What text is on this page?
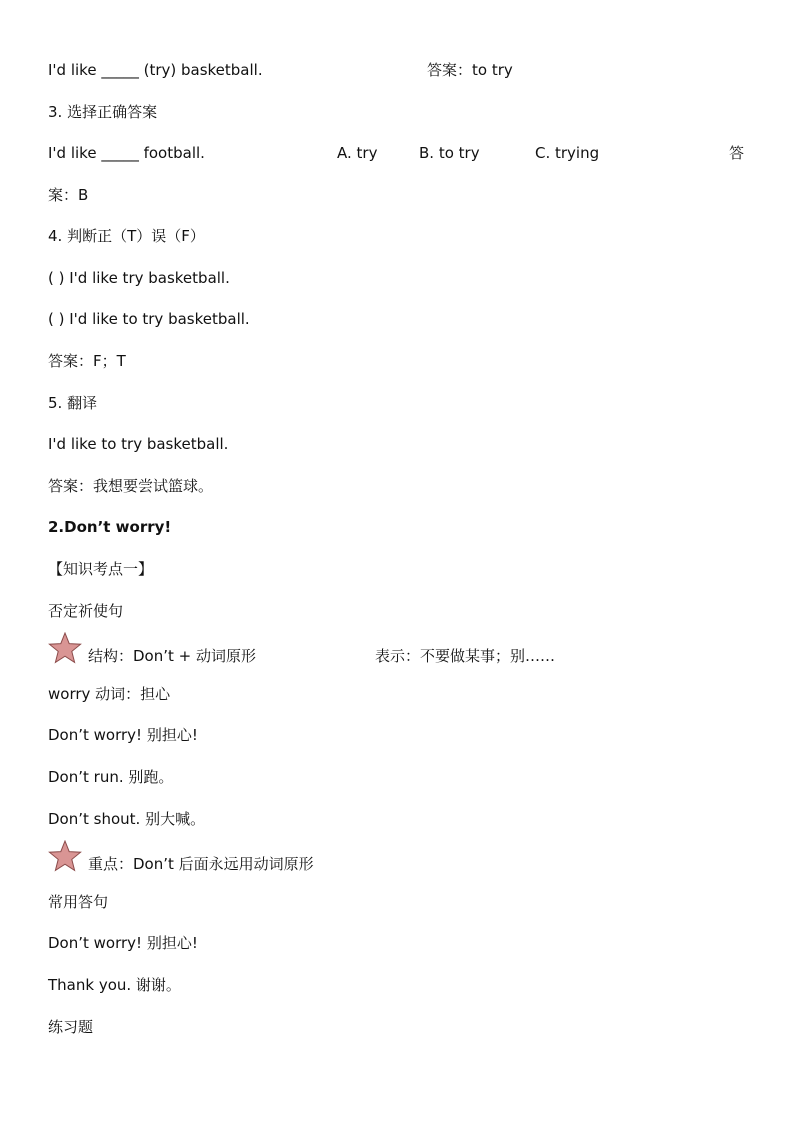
I'd like _____ (try) basketball.	答案：to try
3. 选择正确答案
I'd like _____ football.	A. try	B. to try	C. trying	答
案：B
4. 判断正（T）误（F）
( ) I'd like try basketball.
( ) I'd like to try basketball.
答案：F；T
5. 翻译
I'd like to try basketball.
答案：我想要尝试篮球。
2.Don’t worry!
【知识考点一】
否定祈使句
结构：Don’t + 动词原形	表示：不要做某事；别……
worry 动词：担心
Don’t worry! 别担心!
Don’t run. 别跑。
Don’t shout. 别大喊。
重点：Don’t 后面永远用动词原形
常用答句
Don’t worry! 别担心!
Thank you. 谢谢。
练习题
